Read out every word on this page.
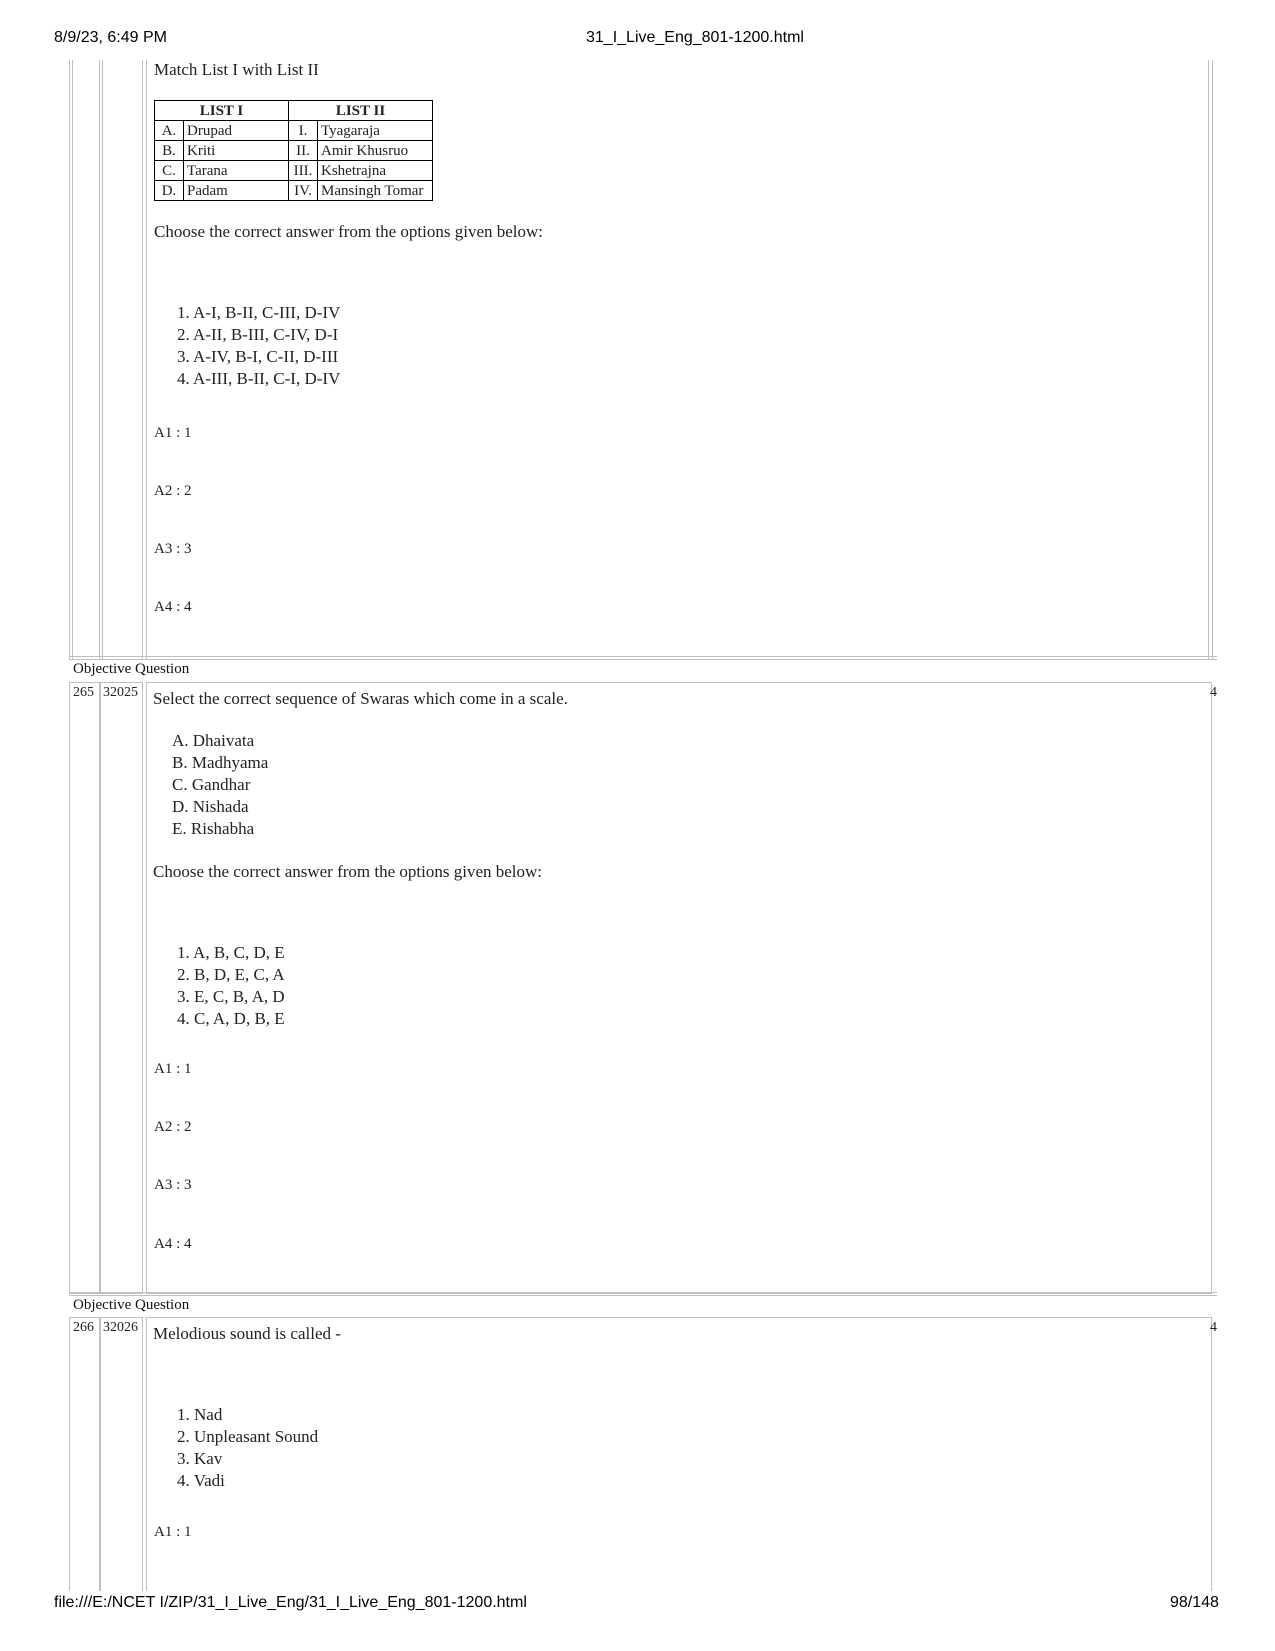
8/9/23, 6:49 PM	31_I_Live_Eng_801-1200.html
file:///E:/NCET I/ZIP/31_I_Live_Eng/31_I_Live_Eng_801-1200.html	98/148
Match List I with List II
LIST I		LIST II	
A.	Drupad	I.	Tyagaraja
B.	Kriti	II.	Amir Khusruo
C.	Tarana	III.	Kshetrajna
D.	Padam	IV.	Mansingh Tomar
Choose the correct answer from the options given below:
1. A-I, B-II, C-III, D-IV
2. A-II, B-III, C-IV, D-I
3. A-IV, B-I, C-II, D-III
4. A-III, B-II, C-I, D-IV
A1 : 1
A2 : 2
A3 : 3
A4 : 4
Objective Question
265 32025	4
Select the correct sequence of Swaras which come in a scale.
A. Dhaivata
B. Madhyama
C. Gandhar
D. Nishada
E. Rishabha
Choose the correct answer from the options given below:
1. A, B, C, D, E
2. B, D, E, C, A
3. E, C, B, A, D
4. C, A, D, B, E
A1 : 1
A2 : 2
A3 : 3
A4 : 4
Objective Question
266 32026	4
Melodious sound is called -
1. Nad
2. Unpleasant Sound
3. Kav
4. Vadi
A1 : 1
